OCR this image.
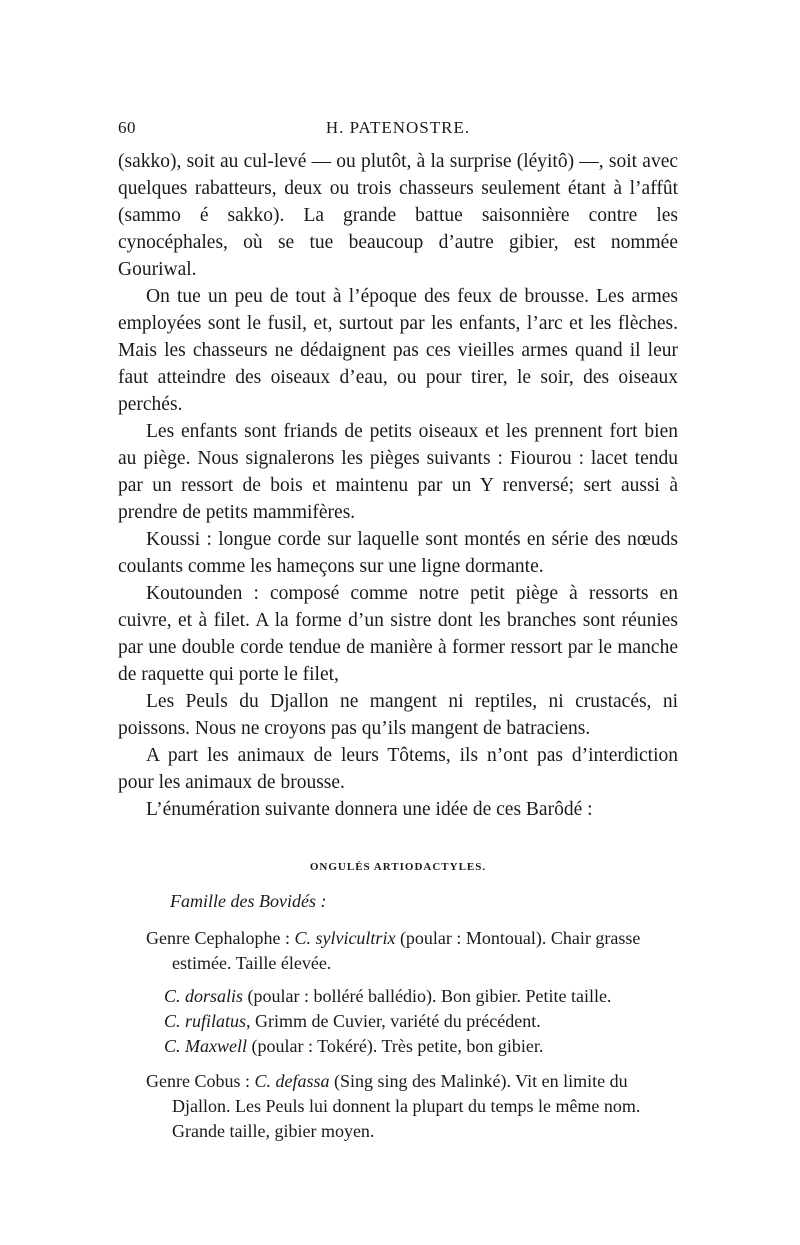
60	H. PATENOSTRE.

(sakko), soit au cul-levé — ou plutôt, à la surprise (léyitô) —, soit avec quelques rabatteurs, deux ou trois chasseurs seulement étant à l’affût (sammo é sakko). La grande battue saisonnière contre les cynocéphales, où se tue beaucoup d’autre gibier, est nommée Gouriwal.

On tue un peu de tout à l’époque des feux de brousse. Les armes employées sont le fusil, et, surtout par les enfants, l’arc et les flèches. Mais les chasseurs ne dédaignent pas ces vieilles armes quand il leur faut atteindre des oiseaux d’eau, ou pour tirer, le soir, des oiseaux perchés.

Les enfants sont friands de petits oiseaux et les prennent fort bien au piège. Nous signalerons les pièges suivants : Fiourou : lacet tendu par un ressort de bois et maintenu par un Y renversé; sert aussi à prendre de petits mammifères.

Koussi : longue corde sur laquelle sont montés en série des nœuds coulants comme les hameçons sur une ligne dormante.

Koutounden : composé comme notre petit piège à ressorts en cuivre, et à filet. A la forme d’un sistre dont les branches sont réunies par une double corde tendue de manière à former ressort par le manche de raquette qui porte le filet,

Les Peuls du Djallon ne mangent ni reptiles, ni crustacés, ni poissons. Nous ne croyons pas qu’ils mangent de batraciens.

A part les animaux de leurs Tôtems, ils n’ont pas d’interdiction pour les animaux de brousse.

L’énumération suivante donnera une idée de ces Barôdé :

ONGULÉS ARTIODACTYLES.
Famille des Bovidés :

Genre Cephalophe : C. sylvicultrix (poular : Montoual). Chair grasse estimée. Taille élevée.

C. dorsalis (poular : bolléré ballédio). Bon gibier. Petite taille.

C. rufilatus, Grimm de Cuvier, variété du précédent.

C. Maxwell (poular : Tokéré). Très petite, bon gibier.

Genre Cobus : C. defassa (Sing sing des Malinké). Vit en limite du Djallon. Les Peuls lui donnent la plupart du temps le même nom. Grande taille, gibier moyen.
